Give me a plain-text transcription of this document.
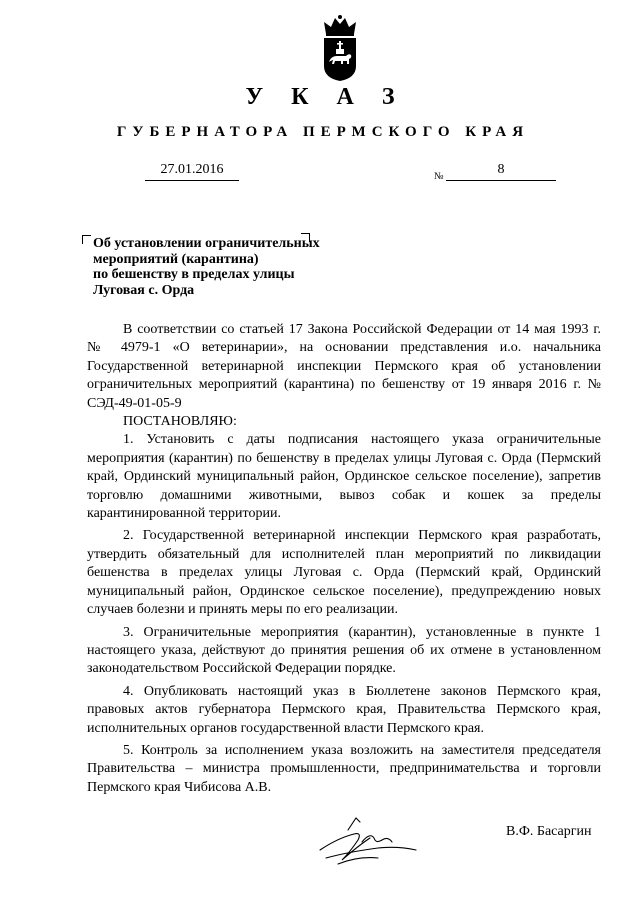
У К А З
ГУБЕРНАТОРА ПЕРМСКОГО КРАЯ
27.01.2016	№	8
Об установлении ограничительных
мероприятий (карантина)
по бешенству в пределах улицы
Луговая с. Орда

В соответствии со статьей 17 Закона Российской Федерации от 14 мая 1993 г. № 4979-1 «О ветеринарии», на основании представления и.о. начальника Государственной ветеринарной инспекции Пермского края об установлении ограничительных мероприятий (карантина) по бешенству от 19 января 2016 г. № СЭД-49-01-05-9

ПОСТАНОВЛЯЮ:

1. Установить с даты подписания настоящего указа ограничительные мероприятия (карантин) по бешенству в пределах улицы Луговая с. Орда (Пермский край, Ординский муниципальный район, Ординское сельское поселение), запретив торговлю домашними животными, вывоз собак и кошек за пределы карантинированной территории.

2. Государственной ветеринарной инспекции Пермского края разработать, утвердить обязательный для исполнителей план мероприятий по ликвидации бешенства в пределах улицы Луговая с. Орда (Пермский край, Ординский муниципальный район, Ординское сельское поселение), предупреждению новых случаев болезни и принять меры по его реализации.

3. Ограничительные мероприятия (карантин), установленные в пункте 1 настоящего указа, действуют до принятия решения об их отмене в установленном законодательством Российской Федерации порядке.

4. Опубликовать настоящий указ в Бюллетене законов Пермского края, правовых актов губернатора Пермского края, Правительства Пермского края, исполнительных органов государственной власти Пермского края.

5. Контроль за исполнением указа возложить на заместителя председателя Правительства – министра промышленности, предпринимательства и торговли Пермского края Чибисова А.В.

В.Ф. Басаргин
